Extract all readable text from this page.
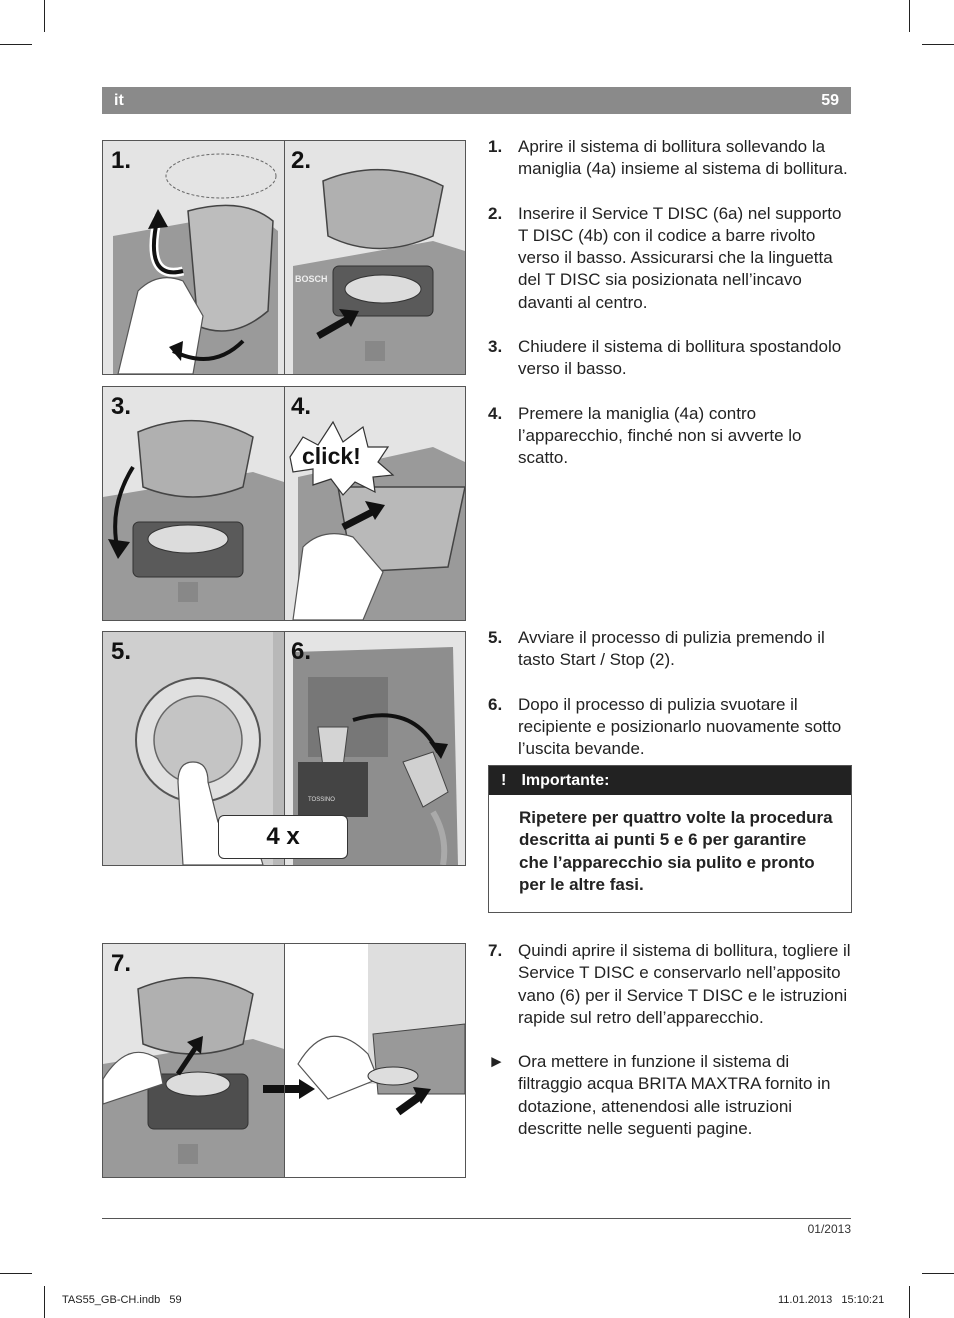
it	59
1.	2.
BOSCH
3.	4.
click!
5.	6.
TOSSINO
4 x
7.
1. Aprire il sistema di bollitura sollevando la maniglia (4a) insieme al sistema di bollitura.
2. Inserire il Service T DISC (6a) nel supporto T DISC (4b) con il codice a barre rivolto verso il basso. Assicurarsi che la linguetta del T DISC sia posizionata nell’incavo davanti al centro.
3. Chiudere il sistema di bollitura spostandolo verso il basso.
4. Premere la maniglia (4a) contro l’apparecchio, finché non si avverte lo scatto.
5. Avviare il processo di pulizia premendo il tasto Start / Stop (2).
6. Dopo il processo di pulizia svuotare il recipiente e posizionarlo nuovamente sotto l’uscita bevande.
! Importante:
Ripetere per quattro volte la procedura descritta ai punti 5 e 6 per garantire che l’apparecchio sia pulito e pronto per le altre fasi.
7. Quindi aprire il sistema di bollitura, togliere il Service T DISC e conservarlo nell’apposito vano (6) per il Service T DISC e le istruzioni rapide sul retro dell’apparecchio.
► Ora mettere in funzione il sistema di filtraggio acqua BRITA MAXTRA fornito in dotazione, attenendosi alle istruzioni descritte nelle seguenti pagine.
01/2013
TAS55_GB-CH.indb   59	11.01.2013   15:10:21
